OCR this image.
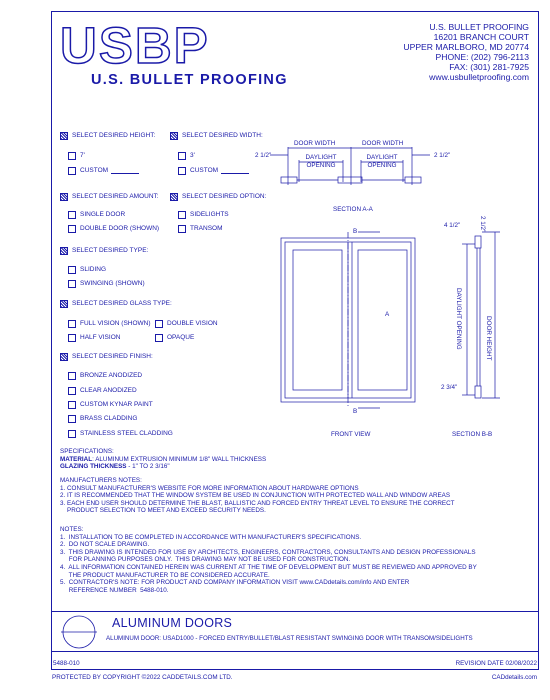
USBP
U.S. BULLET PROOFING
U.S. BULLET PROOFING
16201 BRANCH COURT
UPPER MARLBORO, MD 20774
PHONE: (202) 796-2113
FAX: (301) 281-7925
www.usbulletproofing.com
SELECT DESIRED HEIGHT:
7'
CUSTOM
SELECT DESIRED WIDTH:
3'
CUSTOM
SELECT DESIRED AMOUNT:
SINGLE DOOR
DOUBLE DOOR (SHOWN)
SELECT DESIRED OPTION:
SIDELIGHTS
TRANSOM
SELECT DESIRED TYPE:
SLIDING
SWINGING (SHOWN)
SELECT DESIRED GLASS TYPE:
FULL VISION (SHOWN)	DOUBLE VISION
HALF VISION	OPAQUE
SELECT DESIRED FINISH:
BRONZE ANODIZED
CLEAR ANODIZED
CUSTOM KYNAR PAINT
BRASS CLADDING
STAINLESS STEEL CLADDING
DOOR WIDTH	DOOR WIDTH
DAYLIGHT
OPENING
DAYLIGHT
OPENING
2 1/2"	2 1/2"
SECTION A-A
B
B
A
FRONT VIEW	SECTION B-B
4 1/2"	2 1/2"
2 3/4"
DAYLIGHT OPENING	DOOR HEIGHT
SPECIFICATIONS:
MATERIAL: ALUMINUM EXTRUSION MINIMUM 1/8" WALL THICKNESS
GLAZING THICKNESS - 1" TO 2 3/16"
MANUFACTURERS NOTES:
1. CONSULT MANUFACTURER'S WEBSITE FOR MORE INFORMATION ABOUT HARDWARE OPTIONS
2. IT IS RECOMMENDED THAT THE WINDOW SYSTEM BE USED IN CONJUNCTION WITH PROTECTED WALL AND WINDOW AREAS
3. EACH END USER SHOULD DETERMINE THE BLAST, BALLISTIC AND FORCED ENTRY THREAT LEVEL TO ENSURE THE CORRECT
PRODUCT SELECTION TO MEET AND EXCEED SECURITY NEEDS.
NOTES:
1.  INSTALLATION TO BE COMPLETED IN ACCORDANCE WITH MANUFACTURER'S SPECIFICATIONS.
2.  DO NOT SCALE DRAWING.
3.  THIS DRAWING IS INTENDED FOR USE BY ARCHITECTS, ENGINEERS, CONTRACTORS, CONSULTANTS AND DESIGN PROFESSIONALS
FOR PLANNING PURPOSES ONLY.  THIS DRAWING MAY NOT BE USED FOR CONSTRUCTION.
4.  ALL INFORMATION CONTAINED HEREIN WAS CURRENT AT THE TIME OF DEVELOPMENT BUT MUST BE REVIEWED AND APPROVED BY
THE PRODUCT MANUFACTURER TO BE CONSIDERED ACCURATE.
5.  CONTRACTOR'S NOTE: FOR PRODUCT AND COMPANY INFORMATION VISIT www.CADdetails.com/info AND ENTER
REFERENCE NUMBER  5488-010.
ALUMINUM DOORS
ALUMINUM DOOR: USAD1000 - FORCED ENTRY/BULLET/BLAST RESISTANT SWINGING DOOR WITH TRANSOM/SIDELIGHTS
5488-010	REVISION DATE 02/08/2022
PROTECTED BY COPYRIGHT ©2022 CADDETAILS.COM LTD.	CADdetails.com
